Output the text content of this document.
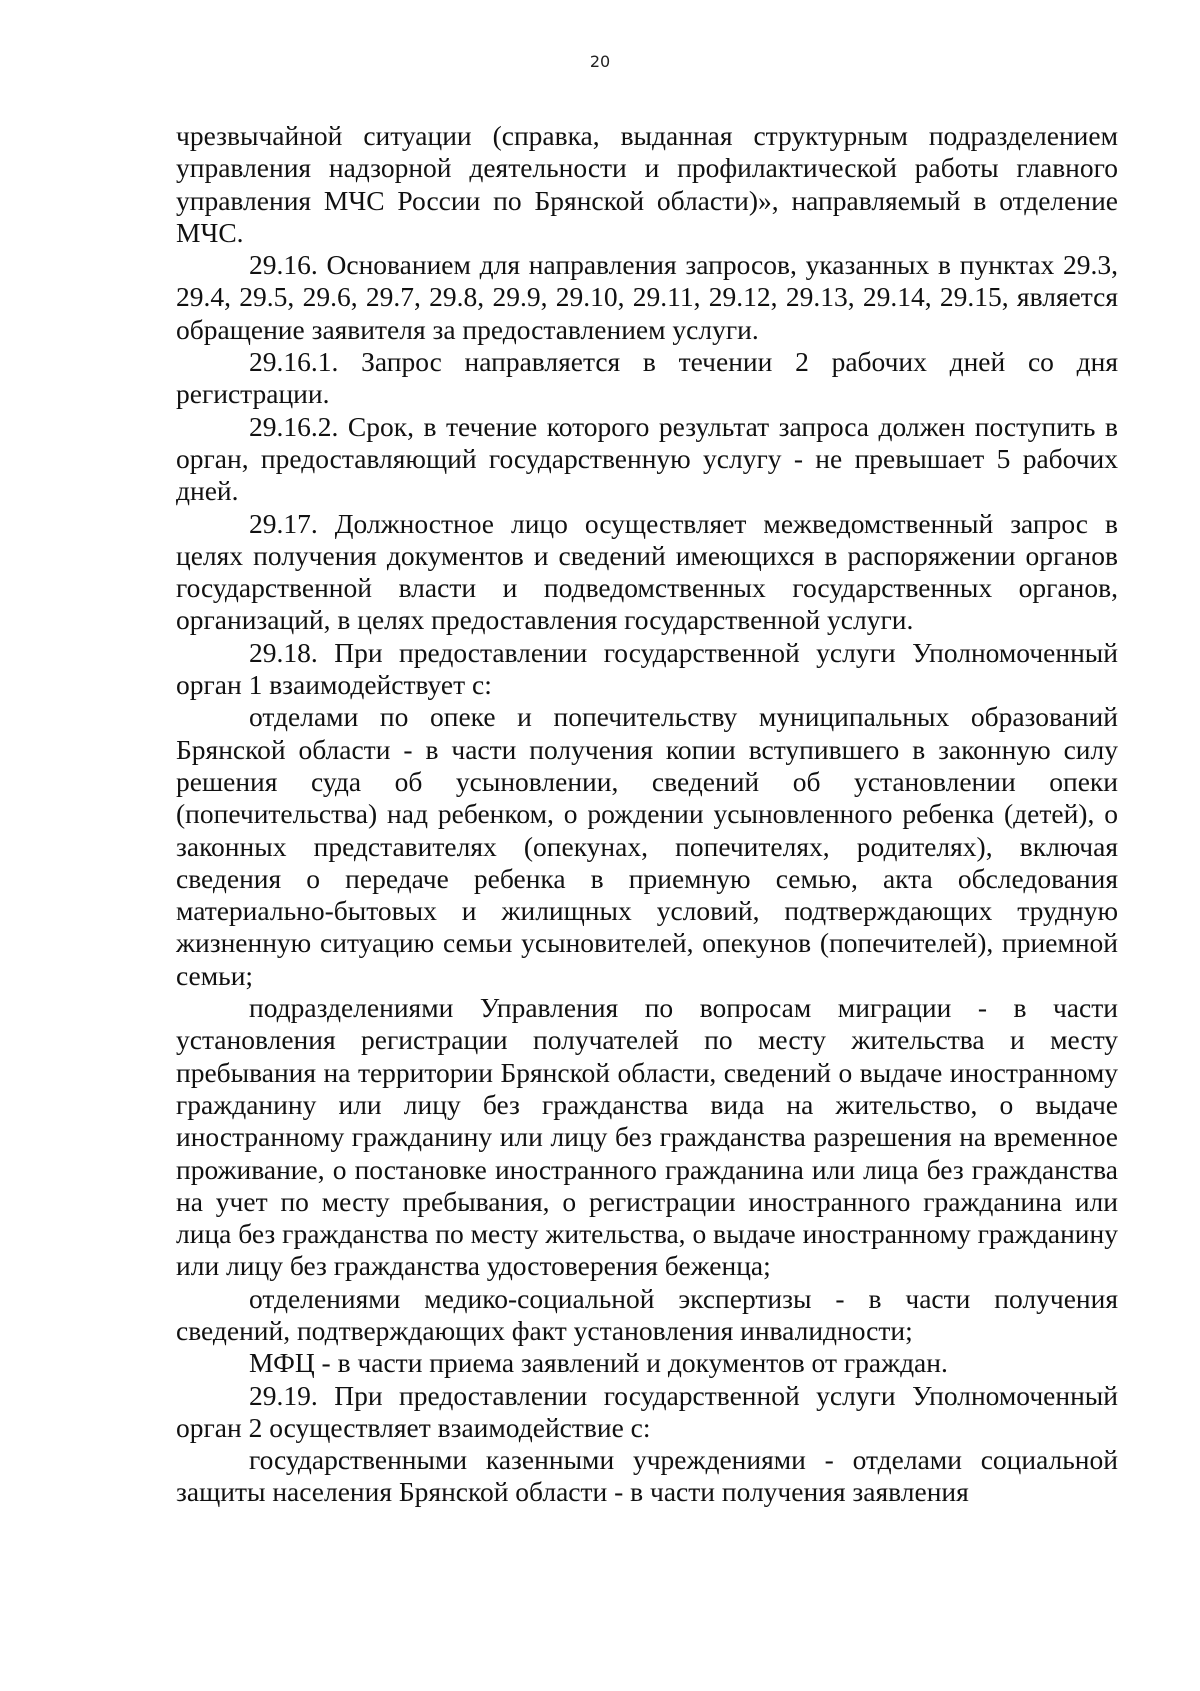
20

чрезвычайной ситуации (справка, выданная структурным подразделением управления надзорной деятельности и профилактической работы главного управления МЧС России по Брянской области)», направляемый в отделение МЧС.

29.16. Основанием для направления запросов, указанных в пунктах 29.3, 29.4, 29.5, 29.6, 29.7, 29.8, 29.9, 29.10, 29.11, 29.12, 29.13, 29.14, 29.15, является обращение заявителя за предоставлением услуги.

29.16.1. Запрос направляется в течении 2 рабочих дней со дня регистрации.

29.16.2. Срок, в течение которого результат запроса должен поступить в орган, предоставляющий государственную услугу - не превышает 5 рабочих дней.

29.17. Должностное лицо осуществляет межведомственный запрос в целях получения документов и сведений имеющихся в распоряжении органов государственной власти и подведомственных государственных органов, организаций, в целях предоставления государственной услуги.

29.18. При предоставлении государственной услуги Уполномоченный орган 1 взаимодействует с:

отделами по опеке и попечительству муниципальных образований Брянской области - в части получения копии вступившего в законную силу решения суда об усыновлении, сведений об установлении опеки (попечительства) над ребенком, о рождении усыновленного ребенка (детей), о законных представителях (опекунах, попечителях, родителях), включая сведения о передаче ребенка в приемную семью, акта обследования материально-бытовых и жилищных условий, подтверждающих трудную жизненную ситуацию семьи усыновителей, опекунов (попечителей), приемной семьи;

подразделениями Управления по вопросам миграции - в части установления регистрации получателей по месту жительства и месту пребывания на территории Брянской области, сведений о выдаче иностранному гражданину или лицу без гражданства вида на жительство, о выдаче иностранному гражданину или лицу без гражданства разрешения на временное проживание, о постановке иностранного гражданина или лица без гражданства на учет по месту пребывания, о регистрации иностранного гражданина или лица без гражданства по месту жительства, о выдаче иностранному гражданину или лицу без гражданства удостоверения беженца;

отделениями медико-социальной экспертизы - в части получения сведений, подтверждающих факт установления инвалидности;

МФЦ - в части приема заявлений и документов от граждан.

29.19. При предоставлении государственной услуги Уполномоченный орган 2 осуществляет взаимодействие с:

государственными казенными учреждениями - отделами социальной защиты населения Брянской области - в части получения заявления
